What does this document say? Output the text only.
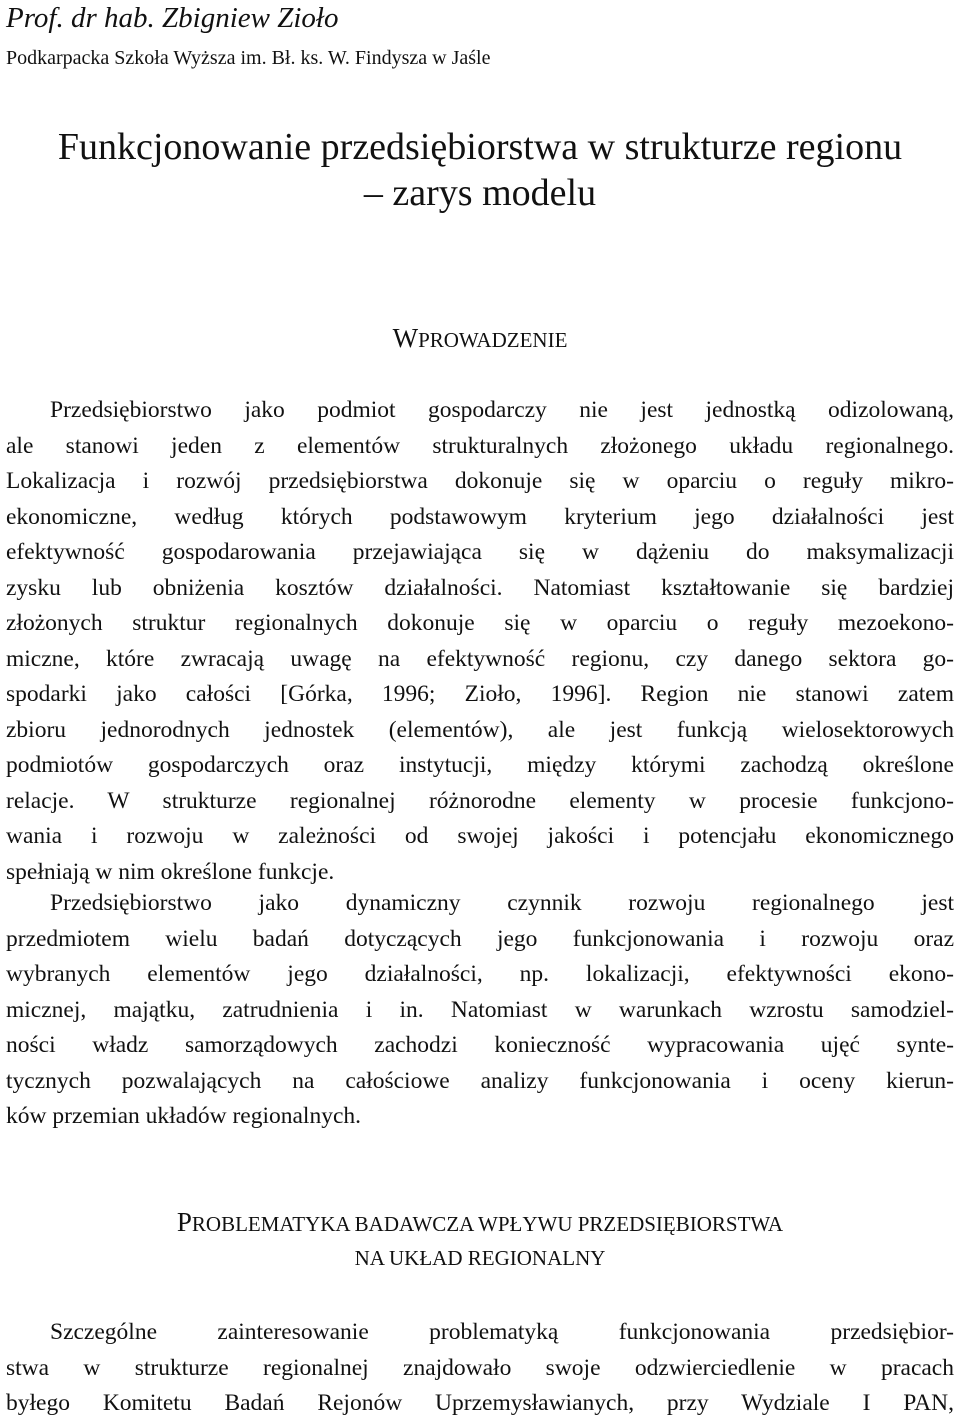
Prof. dr hab. Zbigniew Zioło
Podkarpacka Szkoła Wyższa im. Bł. ks. W. Findysza w Jaśle
Funkcjonowanie przedsiębiorstwa w strukturze regionu
– zarys modelu
WPROWADZENIE
Przedsiębiorstwo jako podmiot gospodarczy nie jest jednostką odizolowaną,
ale stanowi jeden z elementów strukturalnych złożonego układu regionalnego.
Lokalizacja i rozwój przedsiębiorstwa dokonuje się w oparciu o reguły mikro-
ekonomiczne, według których podstawowym kryterium jego działalności jest
efektywność gospodarowania przejawiająca się w dążeniu do maksymalizacji
zysku lub obniżenia kosztów działalności. Natomiast kształtowanie się bardziej
złożonych struktur regionalnych dokonuje się w oparciu o reguły mezoekono-
miczne, które zwracają uwagę na efektywność regionu, czy danego sektora go-
spodarki jako całości [Górka, 1996; Zioło, 1996]. Region nie stanowi zatem
zbioru jednorodnych jednostek (elementów), ale jest funkcją wielosektorowych
podmiotów gospodarczych oraz instytucji, między którymi zachodzą określone
relacje. W strukturze regionalnej różnorodne elementy w procesie funkcjono-
wania i rozwoju w zależności od swojej jakości i potencjału ekonomicznego
spełniają w nim określone funkcje.
Przedsiębiorstwo jako dynamiczny czynnik rozwoju regionalnego jest
przedmiotem wielu badań dotyczących jego funkcjonowania i rozwoju oraz
wybranych elementów jego działalności, np. lokalizacji, efektywności ekono-
micznej, majątku, zatrudnienia i in. Natomiast w warunkach wzrostu samodziel-
ności władz samorządowych zachodzi konieczność wypracowania ujęć synte-
tycznych pozwalających na całościowe analizy funkcjonowania i oceny kierun-
ków przemian układów regionalnych.
PROBLEMATYKA BADAWCZA WPŁYWU PRZEDSIĘBIORSTWA
NA UKŁAD REGIONALNY
Szczególne zainteresowanie problematyką funkcjonowania przedsiębior-
stwa w strukturze regionalnej znajdowało swoje odzwierciedlenie w pracach
byłego Komitetu Badań Rejonów Uprzemysławianych, przy Wydziale I PAN,
